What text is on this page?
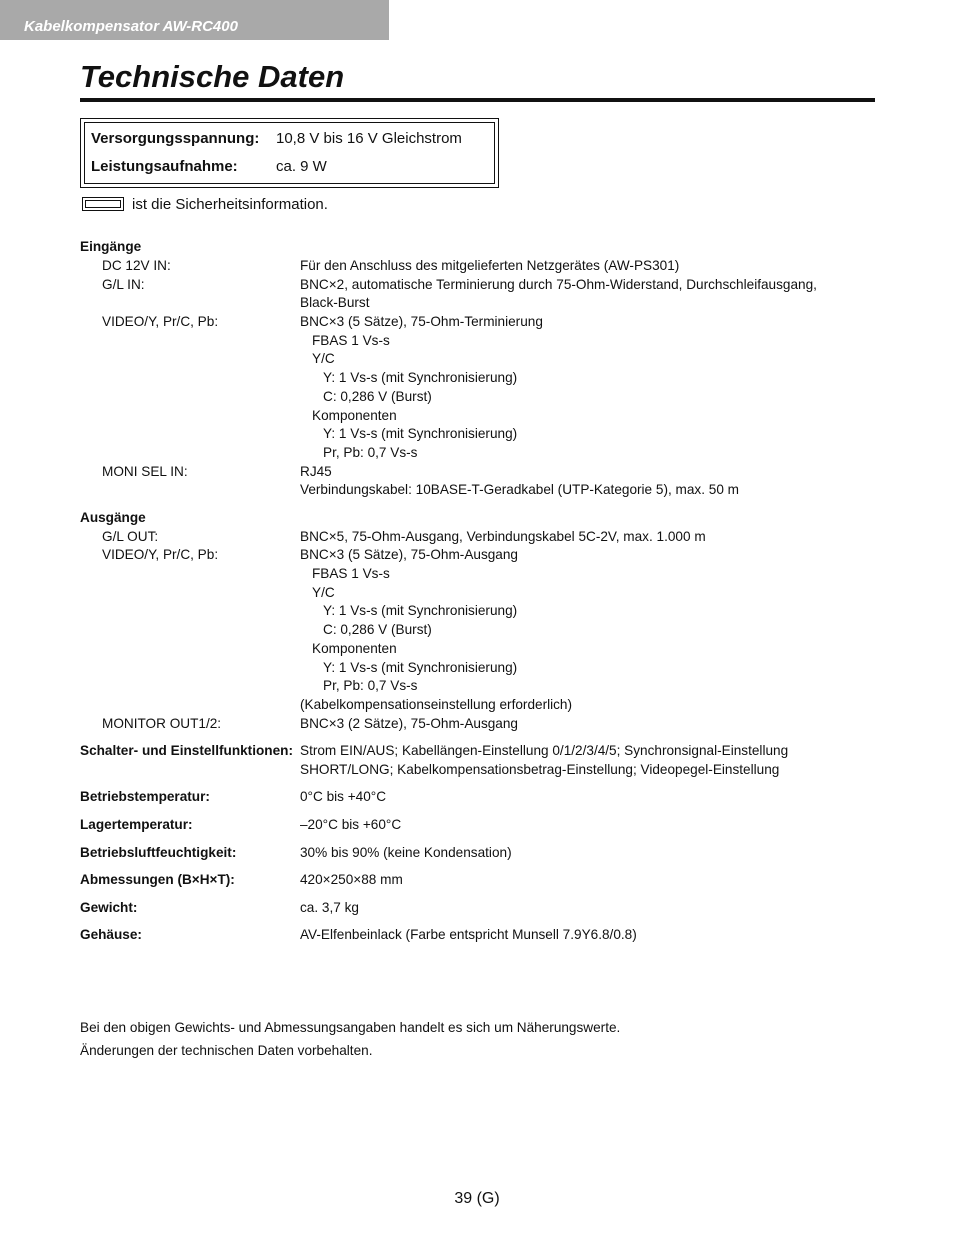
Kabelkompensator AW-RC400
Technische Daten
Versorgungsspannung: 10,8 V bis 16 V Gleichstrom
Leistungsaufnahme:	ca. 9 W
ist die Sicherheitsinformation.
Eingänge
DC 12V IN:	Für den Anschluss des mitgelieferten Netzgerätes (AW-PS301)
G/L IN:	BNC×2, automatische Terminierung durch 75-Ohm-Widerstand, Durchschleifausgang,
Black-Burst
VIDEO/Y, Pr/C, Pb:	BNC×3 (5 Sätze), 75-Ohm-Terminierung
FBAS 1 Vs-s
Y/C
Y: 1 Vs-s (mit Synchronisierung)
C: 0,286 V (Burst)
Komponenten
Y: 1 Vs-s (mit Synchronisierung)
Pr, Pb: 0,7 Vs-s
MONI SEL IN:	RJ45
Verbindungskabel: 10BASE-T-Geradkabel (UTP-Kategorie 5), max. 50 m
Ausgänge
G/L OUT:	BNC×5, 75-Ohm-Ausgang, Verbindungskabel 5C-2V, max. 1.000 m
VIDEO/Y, Pr/C, Pb:	BNC×3 (5 Sätze), 75-Ohm-Ausgang
FBAS 1 Vs-s
Y/C
Y: 1 Vs-s (mit Synchronisierung)
C: 0,286 V (Burst)
Komponenten
Y: 1 Vs-s (mit Synchronisierung)
Pr, Pb: 0,7 Vs-s
(Kabelkompensationseinstellung erforderlich)
MONITOR OUT1/2:	BNC×3 (2 Sätze), 75-Ohm-Ausgang
Schalter- und Einstellfunktionen: Strom EIN/AUS; Kabellängen-Einstellung 0/1/2/3/4/5; Synchronsignal-Einstellung
SHORT/LONG; Kabelkompensationsbetrag-Einstellung; Videopegel-Einstellung
Betriebstemperatur:	0°C bis +40°C
Lagertemperatur:	–20°C bis +60°C
Betriebsluftfeuchtigkeit:	30% bis 90% (keine Kondensation)
Abmessungen (B×H×T):	420×250×88 mm
Gewicht:	ca. 3,7 kg
Gehäuse:	AV-Elfenbeinlack (Farbe entspricht Munsell 7.9Y6.8/0.8)
Bei den obigen Gewichts- und Abmessungsangaben handelt es sich um Näherungswerte.
Änderungen der technischen Daten vorbehalten.
39 (G)
